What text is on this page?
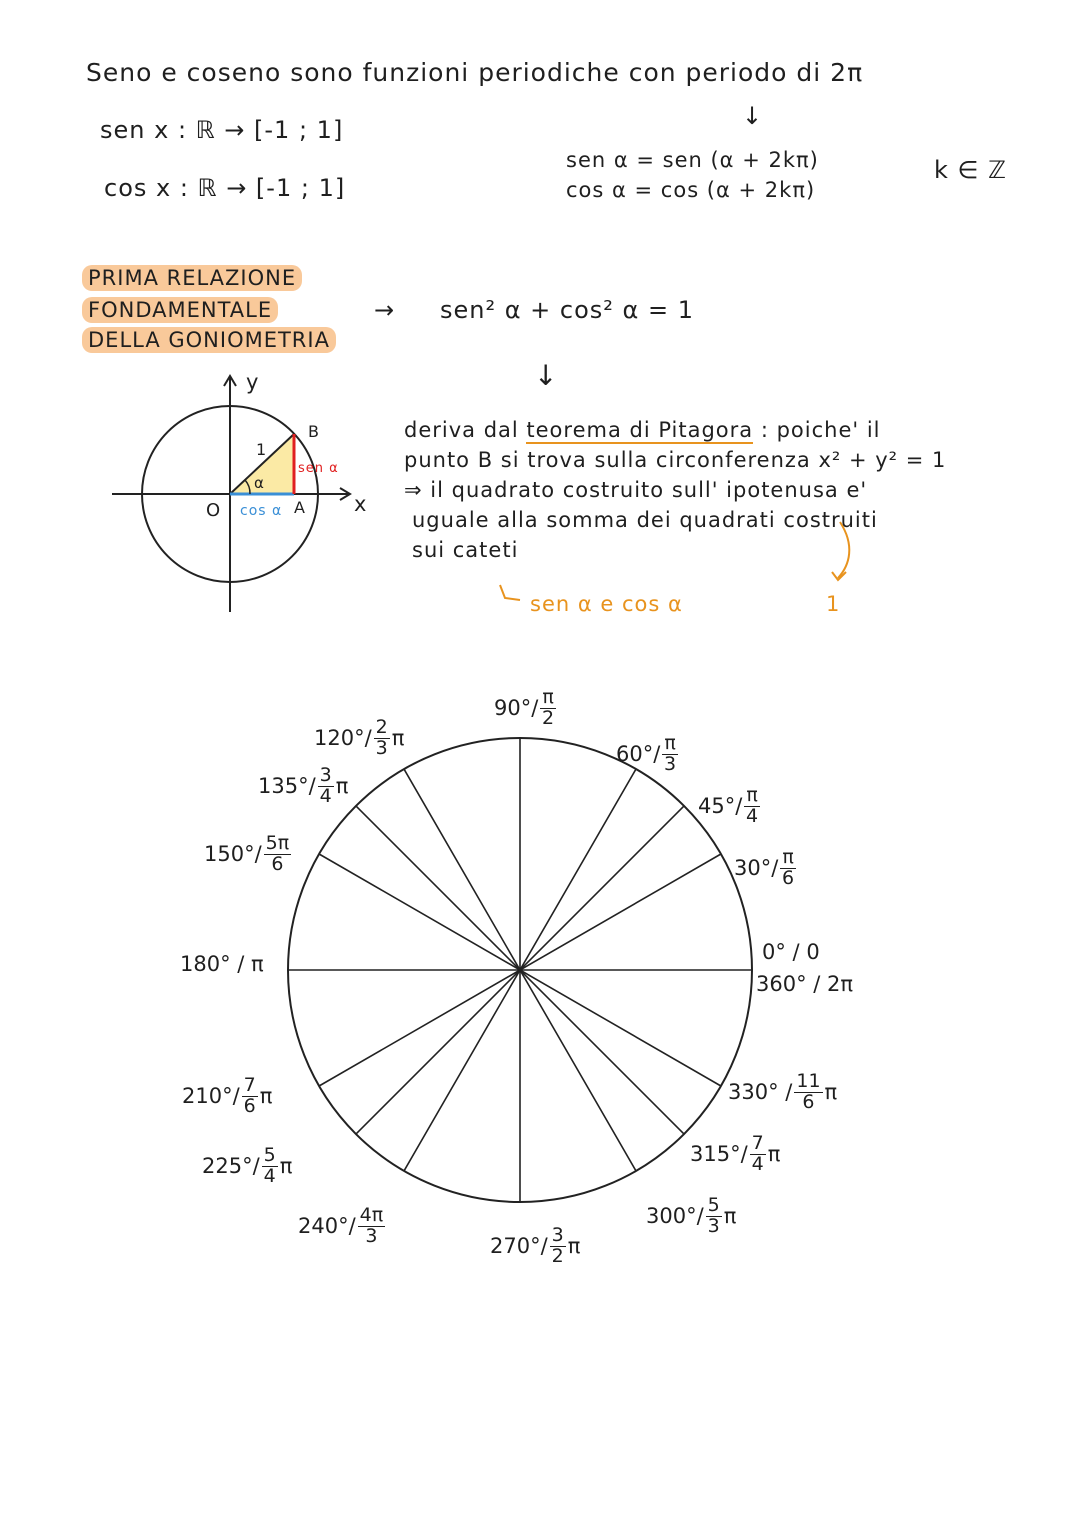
Seno e coseno sono funzioni periodiche con periodo di 2π
sen x : ℝ → [-1 ; 1]
cos x : ℝ → [-1 ; 1]
↓
sen α = sen (α + 2kπ)
cos α = cos (α + 2kπ)
k ∈ ℤ
PRIMA RELAZIONE
FONDAMENTALE
DELLA GONIOMETRIA
→ sen² α + cos² α = 1
↓
deriva dal teorema di Pitagora : poiche' il
punto B si trova sulla circonferenza x² + y² = 1
⇒ il quadrato costruito sull' ipotenusa e'
uguale alla somma dei quadrati costruiti
sui cateti
sen α e cos α	1
y
x
O	A
B
1
α
sen α
cos α
$90^\circ / \frac{\pi}{2}$
$60^\circ / \frac{\pi}{3}$
$45^\circ / \frac{\pi}{4}$
$30^\circ / \frac{\pi}{6}$
0° / 0
360° / 2π
$330^\circ / \frac{11}{6}$ π
$315^\circ / \frac{7}{4}$ π
$300^\circ / \frac{5}{3}$ π
$270^\circ / \frac{3}{2}$ π
$240^\circ / \frac{4\pi}{3}$
$225^\circ / \frac{5}{4}$ π
$210^\circ / \frac{7}{6}$ π
180° / π
$150^\circ / \frac{5\pi}{6}$
$135^\circ / \frac{3}{4}$ π
$120^\circ / \frac{2}{3}$ π
